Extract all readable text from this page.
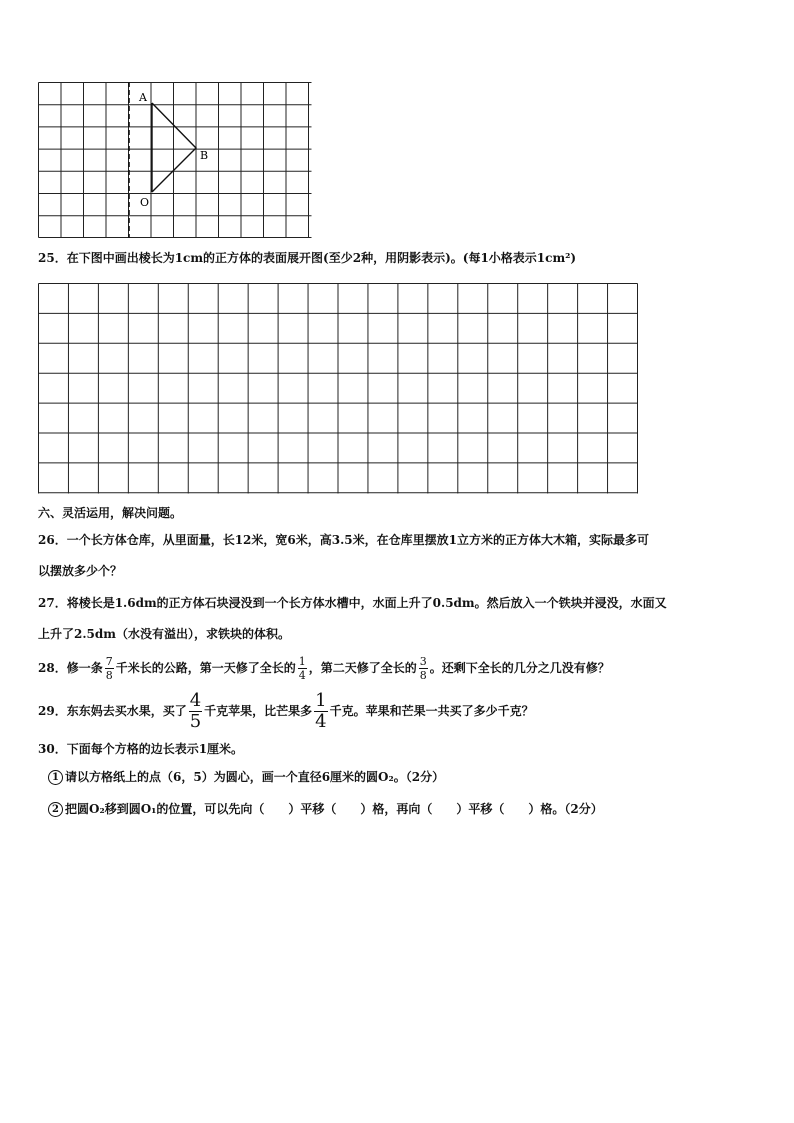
A
B
O
25．在下图中画出棱长为1cm的正方体的表面展开图(至少2种，用阴影表示)。(每1小格表示1cm²)
六、灵活运用，解决问题。
26．一个长方体仓库，从里面量，长12米，宽6米，高3.5米，在仓库里摆放1立方米的正方体大木箱，实际最多可
以摆放多少个？
27．将棱长是1.6dm的正方体石块浸没到一个长方体水槽中，水面上升了0.5dm。然后放入一个铁块并浸没，水面又
上升了2.5dm（水没有溢出），求铁块的体积。
28．修一条 $\frac{7}{8}$ 千米长的公路，第一天修了全长的 $\frac{1}{4}$ ，第二天修了全长的 $\frac{3}{8}$ 。还剩下全长的几分之几没有修？
29．东东妈去买水果，买了 $\frac{4}{5}$ 千克苹果，比芒果多 $\frac{1}{4}$ 千克。苹果和芒果一共买了多少千克？
30．下面每个方格的边长表示1厘米。
1 请以方格纸上的点（6，5）为圆心，画一个直径6厘米的圆O₂。（2分）
2 把圆O₂移到圆O₁的位置，可以先向（　　）平移（　　）格，再向（　　）平移（　　）格。（2分）
